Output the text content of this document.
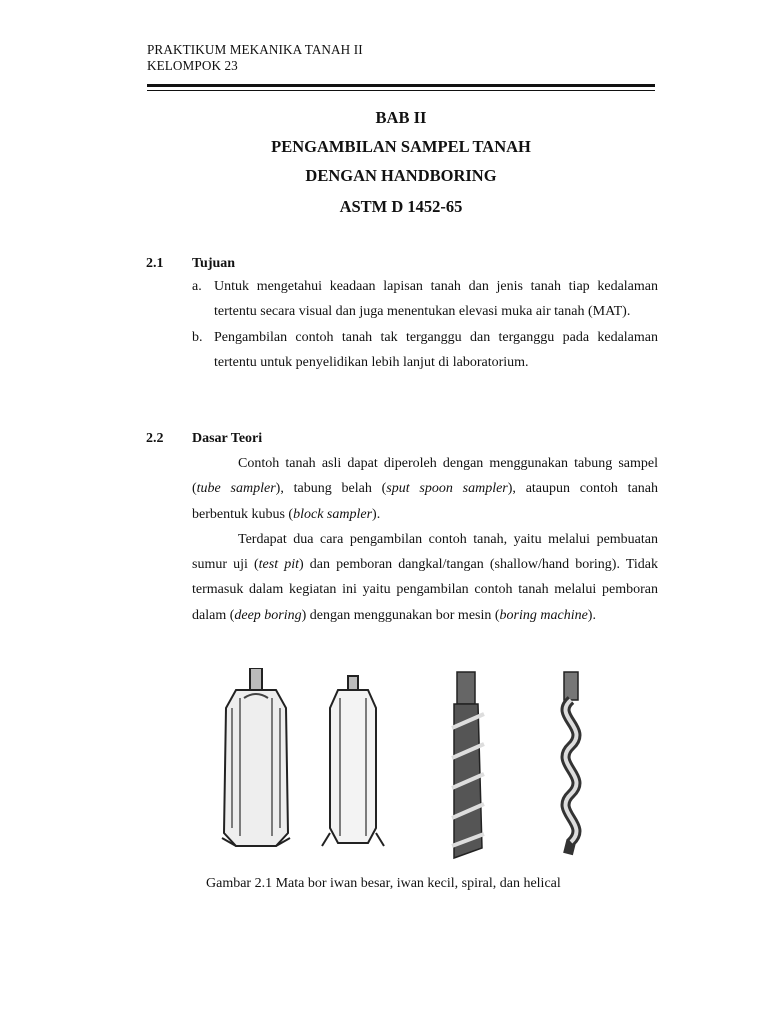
PRAKTIKUM MEKANIKA TANAH II
KELOMPOK 23
BAB II
PENGAMBILAN SAMPEL TANAH
DENGAN HANDBORING
ASTM D 1452-65
2.1 Tujuan
a. Untuk mengetahui keadaan lapisan tanah dan jenis tanah tiap kedalaman tertentu secara visual dan juga menentukan elevasi muka air tanah (MAT).
b. Pengambilan contoh tanah tak terganggu dan terganggu pada kedalaman tertentu untuk penyelidikan lebih lanjut di laboratorium.
2.2 Dasar Teori

Contoh tanah asli dapat diperoleh dengan menggunakan tabung sampel (tube sampler), tabung belah (sput spoon sampler), ataupun contoh tanah berbentuk kubus (block sampler).

Terdapat dua cara pengambilan contoh tanah, yaitu melalui pembuatan sumur uji (test pit) dan pemboran dangkal/tangan (shallow/hand boring). Tidak termasuk dalam kegiatan ini yaitu pengambilan contoh tanah melalui pemboran dalam (deep boring) dengan menggunakan bor mesin (boring machine).

Gambar 2.1 Mata bor iwan besar, iwan kecil, spiral, dan helical
